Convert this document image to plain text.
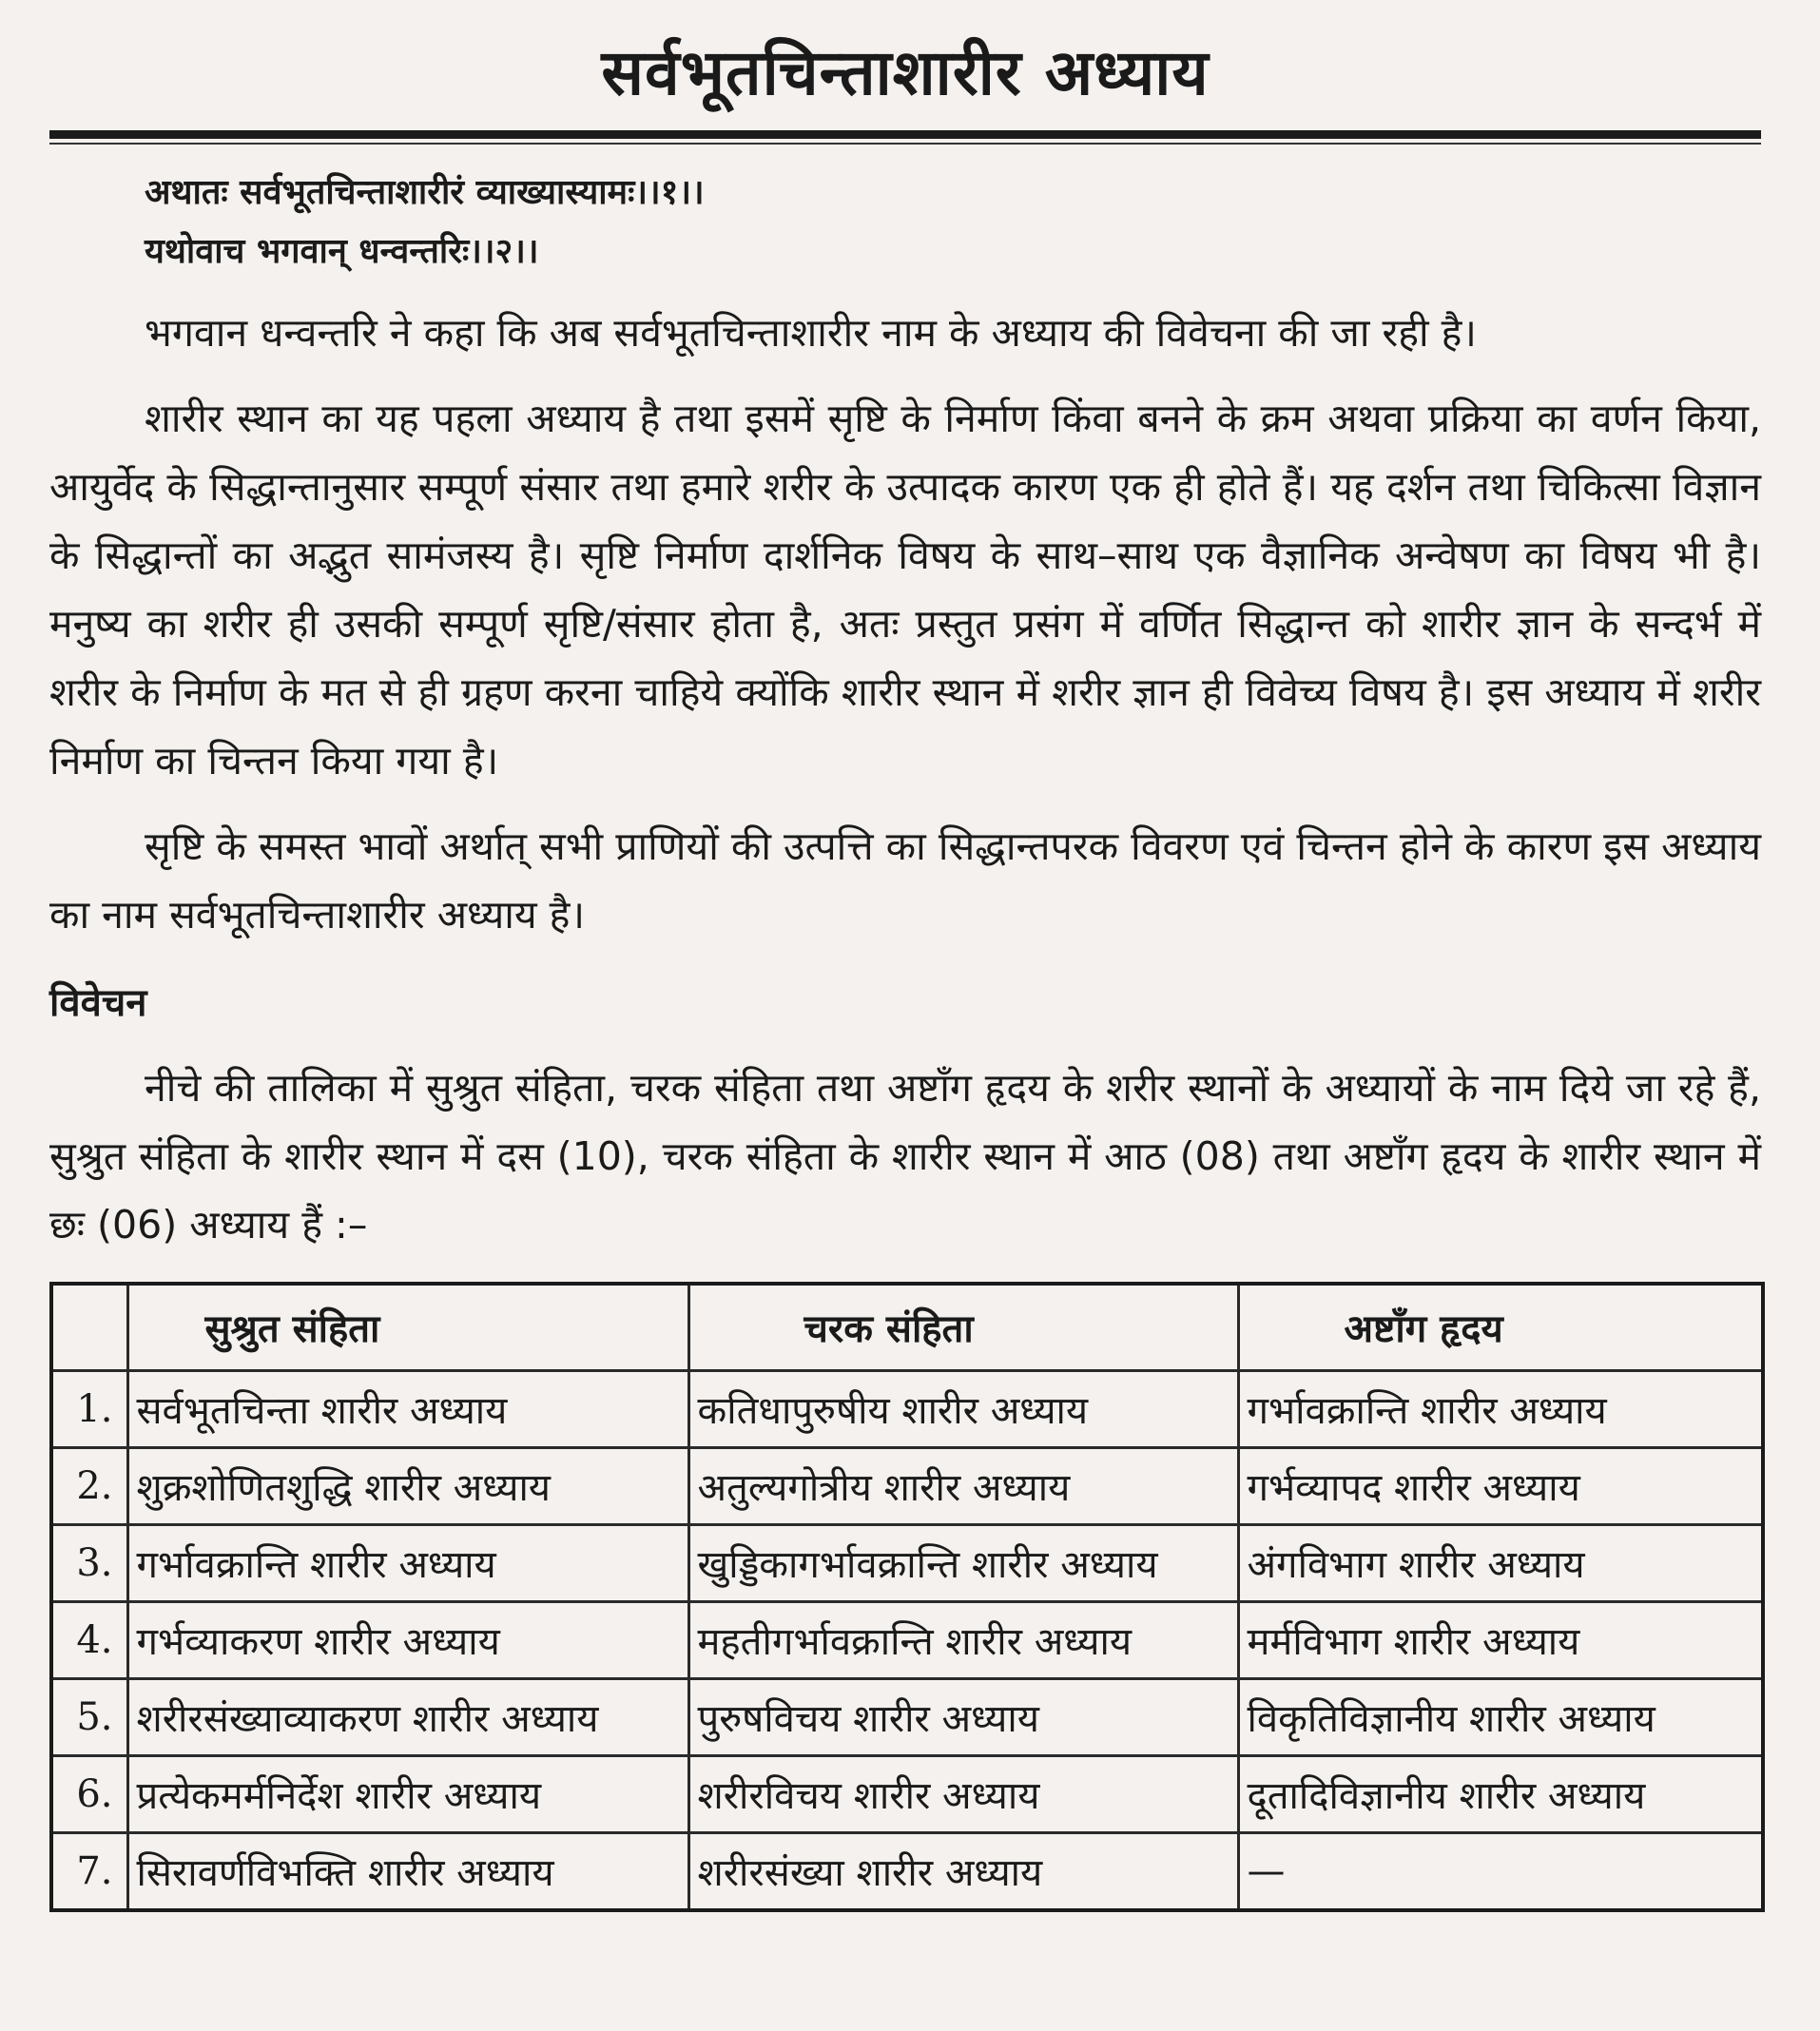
सर्वभूतचिन्ताशारीर अध्याय
अथातः सर्वभूतचिन्ताशारीरं व्याख्यास्यामः।।१।।
यथोवाच भगवान् धन्वन्तरिः।।२।।

भगवान धन्वन्तरि ने कहा कि अब सर्वभूतचिन्ताशारीर नाम के अध्याय की विवेचना की जा रही है।

शारीर स्थान का यह पहला अध्याय है तथा इसमें सृष्टि के निर्माण किंवा बनने के क्रम अथवा प्रक्रिया का वर्णन किया, आयुर्वेद के सिद्धान्तानुसार सम्पूर्ण संसार तथा हमारे शरीर के उत्पादक कारण एक ही होते हैं। यह दर्शन तथा चिकित्सा विज्ञान के सिद्धान्तों का अद्भुत सामंजस्य है। सृष्टि निर्माण दार्शनिक विषय के साथ–साथ एक वैज्ञानिक अन्वेषण का विषय भी है। मनुष्य का शरीर ही उसकी सम्पूर्ण सृष्टि/संसार होता है, अतः प्रस्तुत प्रसंग में वर्णित सिद्धान्त को शारीर ज्ञान के सन्दर्भ में शरीर के निर्माण के मत से ही ग्रहण करना चाहिये क्योंकि शारीर स्थान में शरीर ज्ञान ही विवेच्य विषय है। इस अध्याय में शरीर निर्माण का चिन्तन किया गया है।

सृष्टि के समस्त भावों अर्थात् सभी प्राणियों की उत्पत्ति का सिद्धान्तपरक विवरण एवं चिन्तन होने के कारण इस अध्याय का नाम सर्वभूतचिन्ताशारीर अध्याय है।

विवेचन

नीचे की तालिका में सुश्रुत संहिता, चरक संहिता तथा अष्टाँग हृदय के शरीर स्थानों के अध्यायों के नाम दिये जा रहे हैं, सुश्रुत संहिता के शारीर स्थान में दस (10), चरक संहिता के शारीर स्थान में आठ (08) तथा अष्टाँग हृदय के शारीर स्थान में छः (06) अध्याय हैं :–

	सुश्रुत संहिता	चरक संहिता	अष्टाँग हृदय
1.	सर्वभूतचिन्ता शारीर अध्याय	कतिधापुरुषीय शारीर अध्याय	गर्भावक्रान्ति शारीर अध्याय
2.	शुक्रशोणितशुद्धि शारीर अध्याय	अतुल्यगोत्रीय शारीर अध्याय	गर्भव्यापद शारीर अध्याय
3.	गर्भावक्रान्ति शारीर अध्याय	खुड्डिकागर्भावक्रान्ति शारीर अध्याय	अंगविभाग शारीर अध्याय
4.	गर्भव्याकरण शारीर अध्याय	महतीगर्भावक्रान्ति शारीर अध्याय	मर्मविभाग शारीर अध्याय
5.	शरीरसंख्याव्याकरण शारीर अध्याय	पुरुषविचय शारीर अध्याय	विकृतिविज्ञानीय शारीर अध्याय
6.	प्रत्येकमर्मनिर्देश शारीर अध्याय	शरीरविचय शारीर अध्याय	दूतादिविज्ञानीय शारीर अध्याय
7.	सिरावर्णविभक्ति शारीर अध्याय	शरीरसंख्या शारीर अध्याय	—
